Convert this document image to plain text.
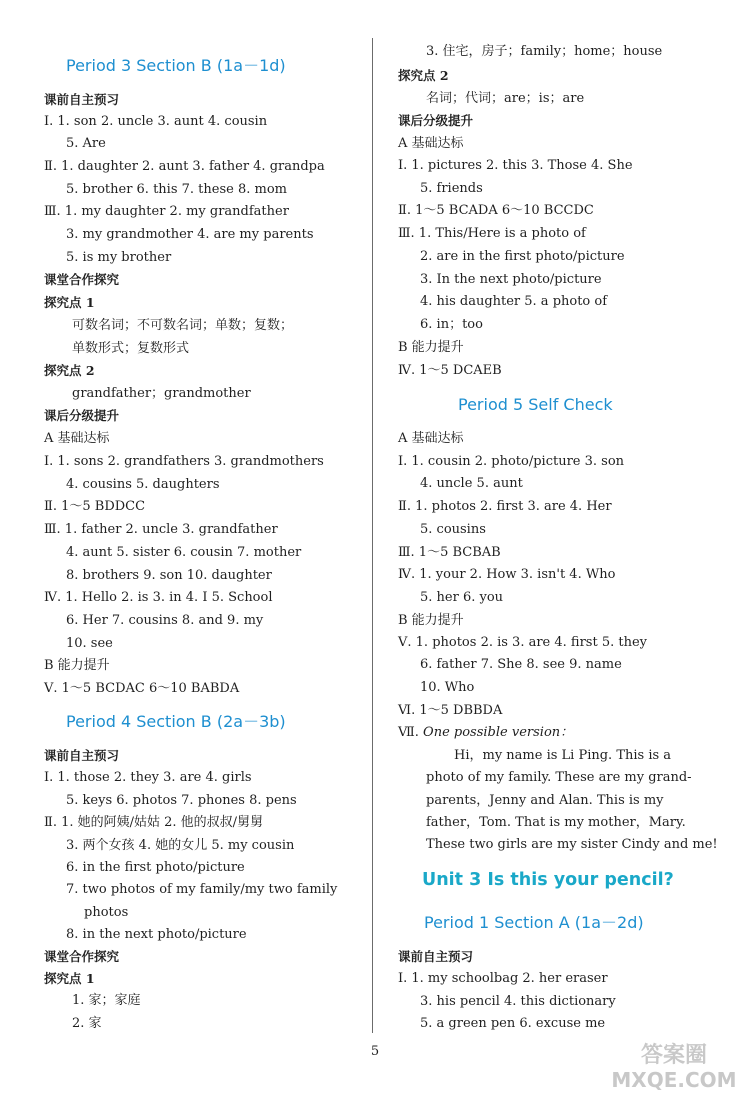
Period 3 Section B (1a－1d)
课前自主预习
Ⅰ. 1. son 2. uncle 3. aunt 4. cousin
5. Are
Ⅱ. 1. daughter 2. aunt 3. father 4. grandpa
5. brother 6. this 7. these 8. mom
Ⅲ. 1. my daughter 2. my grandfather
3. my grandmother 4. are my parents
5. is my brother
课堂合作探究
探究点 1
可数名词；不可数名词；单数；复数；
单数形式；复数形式
探究点 2
grandfather；grandmother
课后分级提升
A 基础达标
Ⅰ. 1. sons 2. grandfathers 3. grandmothers
4. cousins 5. daughters
Ⅱ. 1～5 BDDCC
Ⅲ. 1. father 2. uncle 3. grandfather
4. aunt 5. sister 6. cousin 7. mother
8. brothers 9. son 10. daughter
Ⅳ. 1. Hello 2. is 3. in 4. I 5. School
6. Her 7. cousins 8. and 9. my
10. see
B 能力提升
Ⅴ. 1～5 BCDAC 6～10 BABDA
Period 4 Section B (2a－3b)
课前自主预习
Ⅰ. 1. those 2. they 3. are 4. girls
5. keys 6. photos 7. phones 8. pens
Ⅱ. 1. 她的阿姨/姑姑 2. 他的叔叔/舅舅
3. 两个女孩 4. 她的女儿 5. my cousin
6. in the first photo/picture
7. two photos of my family/my two family
photos
8. in the next photo/picture
课堂合作探究
探究点 1
1. 家；家庭
2. 家
3. 住宅，房子；family；home；house
探究点 2
名词；代词；are；is；are
课后分级提升
A 基础达标
Ⅰ. 1. pictures 2. this 3. Those 4. She
5. friends
Ⅱ. 1～5 BCADA 6～10 BCCDC
Ⅲ. 1. This/Here is a photo of
2. are in the first photo/picture
3. In the next photo/picture
4. his daughter 5. a photo of
6. in；too
B 能力提升
Ⅳ. 1～5 DCAEB
Period 5 Self Check
A 基础达标
Ⅰ. 1. cousin 2. photo/picture 3. son
4. uncle 5. aunt
Ⅱ. 1. photos 2. first 3. are 4. Her
5. cousins
Ⅲ. 1～5 BCBAB
Ⅳ. 1. your 2. How 3. isn't 4. Who
5. her 6. you
B 能力提升
Ⅴ. 1. photos 2. is 3. are 4. first 5. they
6. father 7. She 8. see 9. name
10. Who
Ⅵ. 1～5 DBBDA
Ⅶ. One possible version：
Hi，my name is Li Ping. This is a
photo of my family. These are my grand-
parents，Jenny and Alan. This is my
father，Tom. That is my mother，Mary.
These two girls are my sister Cindy and me!
Unit 3 Is this your pencil?
Period 1 Section A (1a－2d)
课前自主预习
Ⅰ. 1. my schoolbag 2. her eraser
3. his pencil 4. this dictionary
5. a green pen 6. excuse me
5	答案圈
MXQE.COM
